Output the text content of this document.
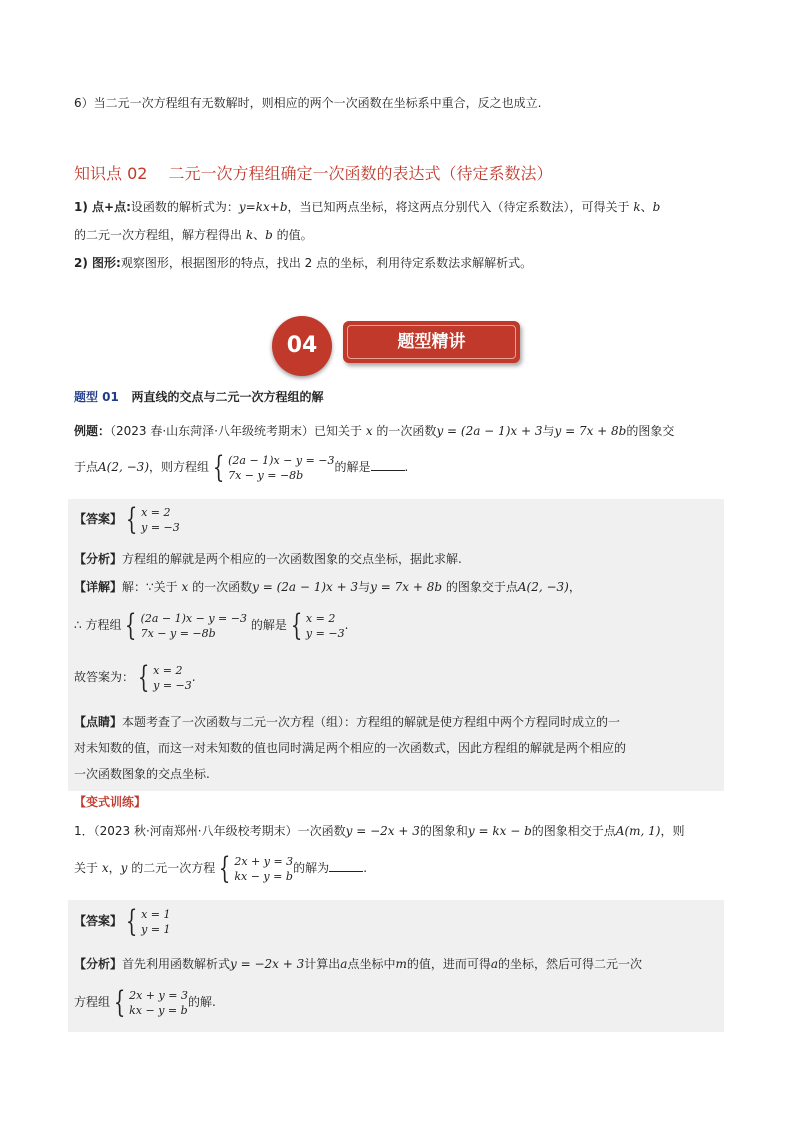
6）当二元一次方程组有无数解时，则相应的两个一次函数在坐标系中重合，反之也成立.
知识点 02　 二元一次方程组确定一次函数的表达式（待定系数法）
1) 点+点:设函数的解析式为：y=kx+b，当已知两点坐标，将这两点分别代入（待定系数法），可得关于 k、b
的二元一次方程组，解方程得出 k、b 的值。
2) 图形:观察图形，根据图形的特点，找出 2 点的坐标，利用待定系数法求解解析式。
04	题型精讲
题型 01 两直线的交点与二元一次方程组的解
例题：（2023 春·山东菏泽·八年级统考期末）已知关于 x 的一次函数y = (2a − 1)x + 3与y = 7x + 8b的图象交
于点A(2, −3)，则方程组 { (2a − 1)x − y = −3
7x − y = −8b
的解是	.
【答案】 { x = 2
y = −3
【分析】方程组的解就是两个相应的一次函数图象的交点坐标，据此求解.
【详解】解：∵关于 x 的一次函数y = (2a − 1)x + 3与y = 7x + 8b 的图象交于点A(2, −3)，
∴ 方程组 { (2a − 1)x − y = −3
7x − y = −8b
的解是 { x = 2
y = −3
.
故答案为： { x = 2
y = −3
.
【点睛】本题考查了一次函数与二元一次方程（组）：方程组的解就是使方程组中两个方程同时成立的一
对未知数的值，而这一对未知数的值也同时满足两个相应的一次函数式，因此方程组的解就是两个相应的
一次函数图象的交点坐标.
【变式训练】
1．（2023 秋·河南郑州·八年级校考期末）一次函数y = −2x + 3的图象和y = kx − b的图象相交于点A(m, 1)，则
关于 x，y 的二元一次方程 { 2x + y = 3
kx − y = b
的解为	.
【答案】 { x = 1
y = 1
【分析】首先利用函数解析式y = −2x + 3计算出a点坐标中m的值，进而可得a的坐标，然后可得二元一次
方程组 { 2x + y = 3
kx − y = b
的解.
